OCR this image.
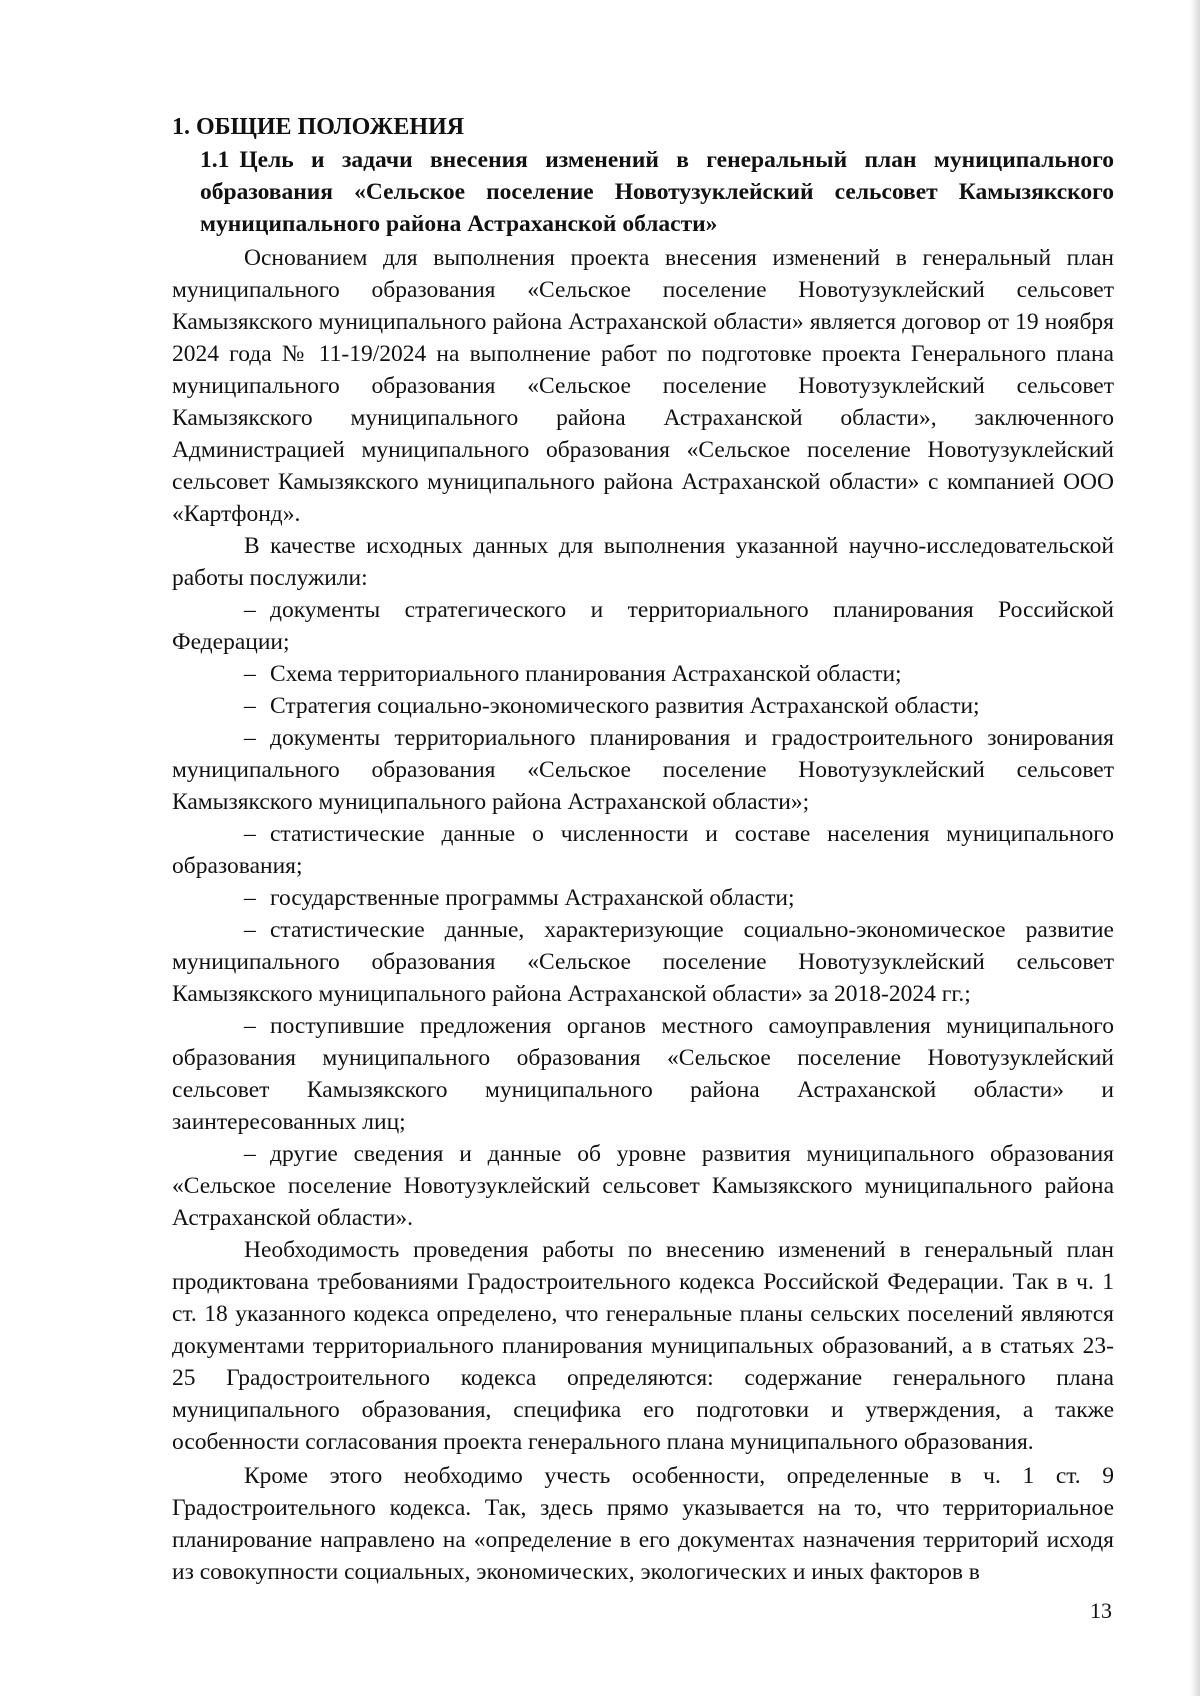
1. ОБЩИЕ ПОЛОЖЕНИЯ
1.1 Цель и задачи внесения изменений в генеральный план муниципального образования «Сельское поселение Новотузуклейский сельсовет Камызякского муниципального района Астраханской области»

Основанием для выполнения проекта внесения изменений в генеральный план муниципального образования «Сельское поселение Новотузуклейский сельсовет Камызякского муниципального района Астраханской области» является договор от 19 ноября 2024 года № 11-19/2024 на выполнение работ по подготовке проекта Генерального плана муниципального образования «Сельское поселение Новотузуклейский сельсовет Камызякского муниципального района Астраханской области», заключенного Администрацией муниципального образования «Сельское поселение Новотузуклейский сельсовет Камызякского муниципального района Астраханской области» с компанией ООО «Картфонд».

В качестве исходных данных для выполнения указанной научно-исследовательской работы послужили:

– документы стратегического и территориального планирования Российской Федерации;
– Схема территориального планирования Астраханской области;
– Стратегия социально-экономического развития Астраханской области;
– документы территориального планирования и градостроительного зонирования муниципального образования «Сельское поселение Новотузуклейский сельсовет Камызякского муниципального района Астраханской области»;
– статистические данные о численности и составе населения муниципального образования;
– государственные программы Астраханской области;
– статистические данные, характеризующие социально-экономическое развитие муниципального образования «Сельское поселение Новотузуклейский сельсовет Камызякского муниципального района Астраханской области» за 2018-2024 гг.;
– поступившие предложения органов местного самоуправления муниципального образования муниципального образования «Сельское поселение Новотузуклейский сельсовет Камызякского муниципального района Астраханской области» и заинтересованных лиц;
– другие сведения и данные об уровне развития муниципального образования «Сельское поселение Новотузуклейский сельсовет Камызякского муниципального района Астраханской области».

Необходимость проведения работы по внесению изменений в генеральный план продиктована требованиями Градостроительного кодекса Российской Федерации. Так в ч. 1 ст. 18 указанного кодекса определено, что генеральные планы сельских поселений являются документами территориального планирования муниципальных образований, а в статьях 23-25 Градостроительного кодекса определяются: содержание генерального плана муниципального образования, специфика его подготовки и утверждения, а также особенности согласования проекта генерального плана муниципального образования.

Кроме этого необходимо учесть особенности, определенные в ч. 1 ст. 9 Градостроительного кодекса. Так, здесь прямо указывается на то, что территориальное планирование направлено на «определение в его документах назначения территорий исходя из совокупности социальных, экономических, экологических и иных факторов в

13
